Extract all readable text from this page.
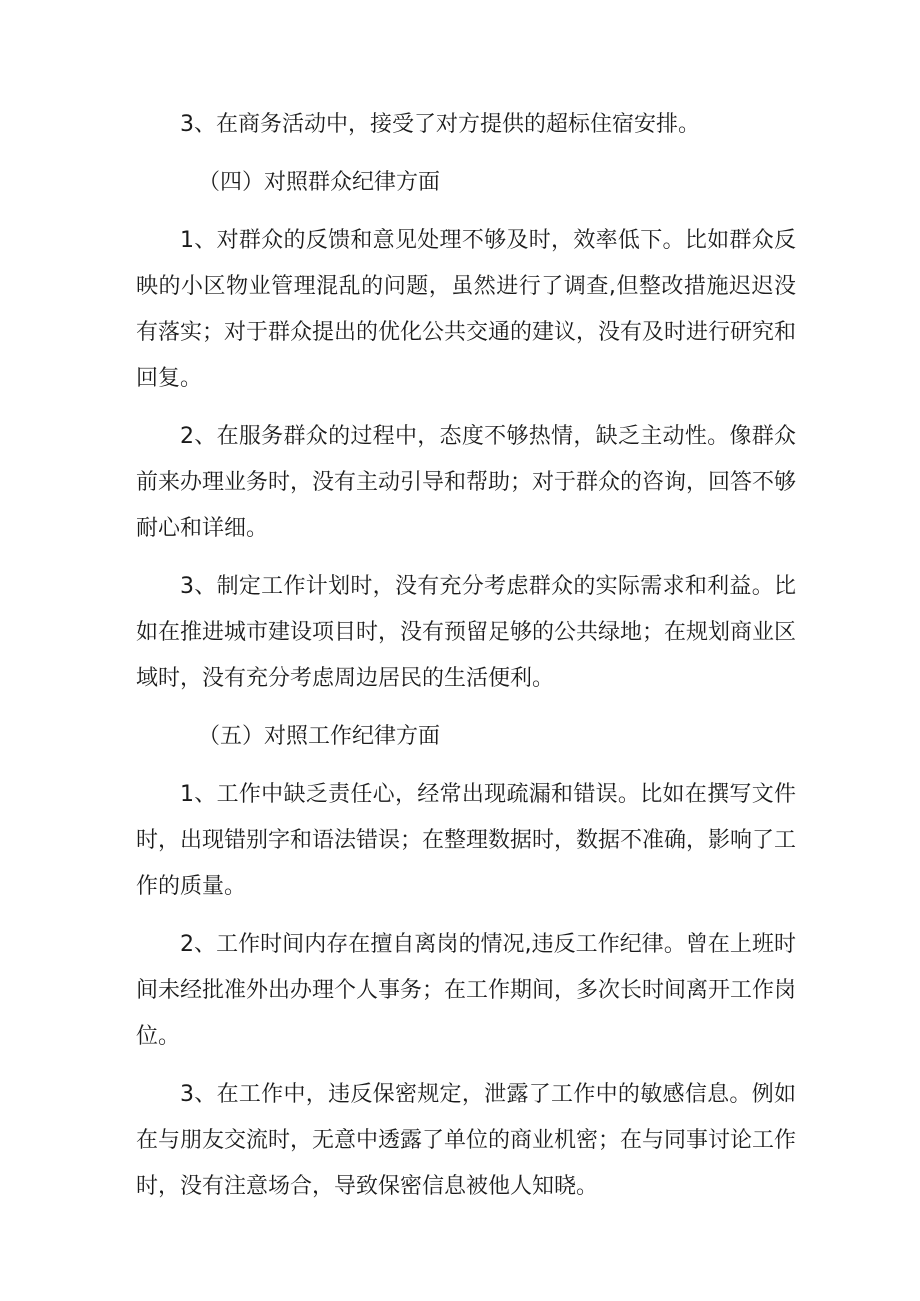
3、在商务活动中，接受了对方提供的超标住宿安排。

（四）对照群众纪律方面

1、对群众的反馈和意见处理不够及时，效率低下。比如群众反映的小区物业管理混乱的问题，虽然进行了调查,但整改措施迟迟没有落实；对于群众提出的优化公共交通的建议，没有及时进行研究和回复。

2、在服务群众的过程中，态度不够热情，缺乏主动性。像群众前来办理业务时，没有主动引导和帮助；对于群众的咨询，回答不够耐心和详细。

3、制定工作计划时，没有充分考虑群众的实际需求和利益。比如在推进城市建设项目时，没有预留足够的公共绿地；在规划商业区域时，没有充分考虑周边居民的生活便利。

（五）对照工作纪律方面

1、工作中缺乏责任心，经常出现疏漏和错误。比如在撰写文件时，出现错别字和语法错误；在整理数据时，数据不准确，影响了工作的质量。

2、工作时间内存在擅自离岗的情况,违反工作纪律。曾在上班时间未经批准外出办理个人事务；在工作期间，多次长时间离开工作岗位。

3、在工作中，违反保密规定，泄露了工作中的敏感信息。例如在与朋友交流时，无意中透露了单位的商业机密；在与同事讨论工作时，没有注意场合，导致保密信息被他人知晓。
